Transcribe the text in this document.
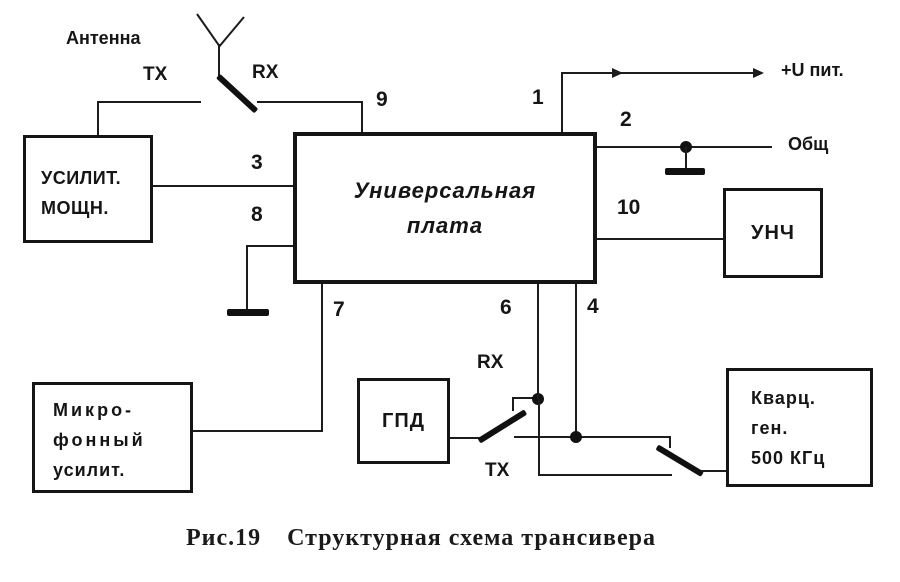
Антенна
ТХ	RX
9
УСИЛИТ.
МОЩН.
3
8
Универсальная
плата
1
+U пит.
2
Общ
10
УНЧ
7
Микро-
фонный
усилит.
ГПД
RX
ТХ
6	4
Кварц.
ген.
500 КГц
Рис.19 Структурная схема трансивера
